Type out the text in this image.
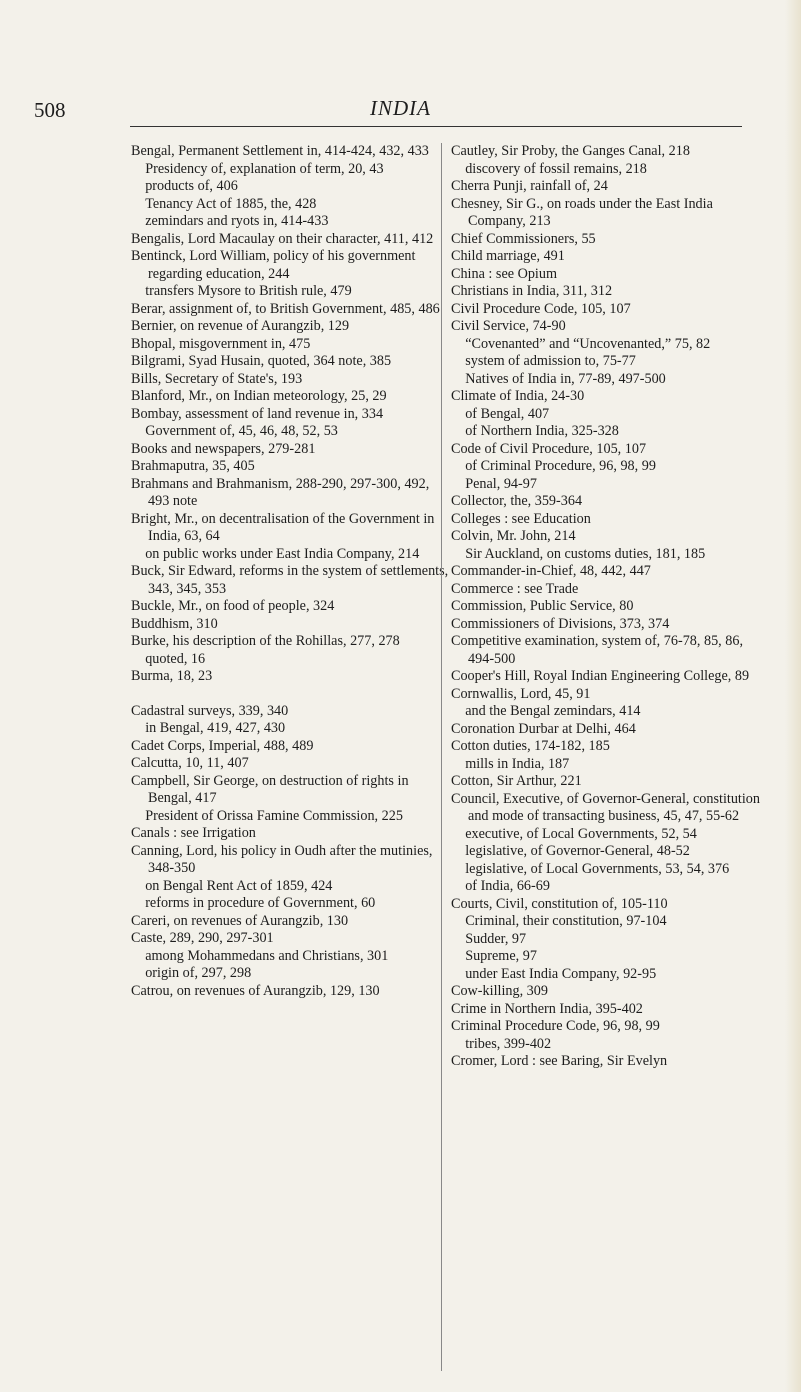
508	INDIA
Bengal, Permanent Settlement in, 414-424, 432, 433
Presidency of, explanation of term, 20, 43
products of, 406
Tenancy Act of 1885, the, 428
zemindars and ryots in, 414-433
Bengalis, Lord Macaulay on their character, 411, 412
Bentinck, Lord William, policy of his government regarding education, 244
transfers Mysore to British rule, 479
Berar, assignment of, to British Government, 485, 486
Bernier, on revenue of Aurangzib, 129
Bhopal, misgovernment in, 475
Bilgrami, Syad Husain, quoted, 364 note, 385
Bills, Secretary of State's, 193
Blanford, Mr., on Indian meteorology, 25, 29
Bombay, assessment of land revenue in, 334
Government of, 45, 46, 48, 52, 53
Books and newspapers, 279-281
Brahmaputra, 35, 405
Brahmans and Brahmanism, 288-290, 297-300, 492, 493 note
Bright, Mr., on decentralisation of the Government in India, 63, 64
on public works under East India Company, 214
Buck, Sir Edward, reforms in the system of settlements, 343, 345, 353
Buckle, Mr., on food of people, 324
Buddhism, 310
Burke, his description of the Rohillas, 277, 278
quoted, 16
Burma, 18, 23
Cadastral surveys, 339, 340
in Bengal, 419, 427, 430
Cadet Corps, Imperial, 488, 489
Calcutta, 10, 11, 407
Campbell, Sir George, on destruction of rights in Bengal, 417
President of Orissa Famine Commission, 225
Canals : see Irrigation
Canning, Lord, his policy in Oudh after the mutinies, 348-350
on Bengal Rent Act of 1859, 424
reforms in procedure of Government, 60
Careri, on revenues of Aurangzib, 130
Caste, 289, 290, 297-301
among Mohammedans and Christians, 301
origin of, 297, 298
Catrou, on revenues of Aurangzib, 129, 130
Cautley, Sir Proby, the Ganges Canal, 218
discovery of fossil remains, 218
Cherra Punji, rainfall of, 24
Chesney, Sir G., on roads under the East India Company, 213
Chief Commissioners, 55
Child marriage, 491
China : see Opium
Christians in India, 311, 312
Civil Procedure Code, 105, 107
Civil Service, 74-90
“Covenanted” and “Uncovenanted,” 75, 82
system of admission to, 75-77
Natives of India in, 77-89, 497-500
Climate of India, 24-30
of Bengal, 407
of Northern India, 325-328
Code of Civil Procedure, 105, 107
of Criminal Procedure, 96, 98, 99
Penal, 94-97
Collector, the, 359-364
Colleges : see Education
Colvin, Mr. John, 214
Sir Auckland, on customs duties, 181, 185
Commander-in-Chief, 48, 442, 447
Commerce : see Trade
Commission, Public Service, 80
Commissioners of Divisions, 373, 374
Competitive examination, system of, 76-78, 85, 86, 494-500
Cooper's Hill, Royal Indian Engineering College, 89
Cornwallis, Lord, 45, 91
and the Bengal zemindars, 414
Coronation Durbar at Delhi, 464
Cotton duties, 174-182, 185
mills in India, 187
Cotton, Sir Arthur, 221
Council, Executive, of Governor-General, constitution and mode of transacting business, 45, 47, 55-62
executive, of Local Governments, 52, 54
legislative, of Governor-General, 48-52
legislative, of Local Governments, 53, 54, 376
of India, 66-69
Courts, Civil, constitution of, 105-110
Criminal, their constitution, 97-104
Sudder, 97
Supreme, 97
under East India Company, 92-95
Cow-killing, 309
Crime in Northern India, 395-402
Criminal Procedure Code, 96, 98, 99
tribes, 399-402
Cromer, Lord : see Baring, Sir Evelyn
